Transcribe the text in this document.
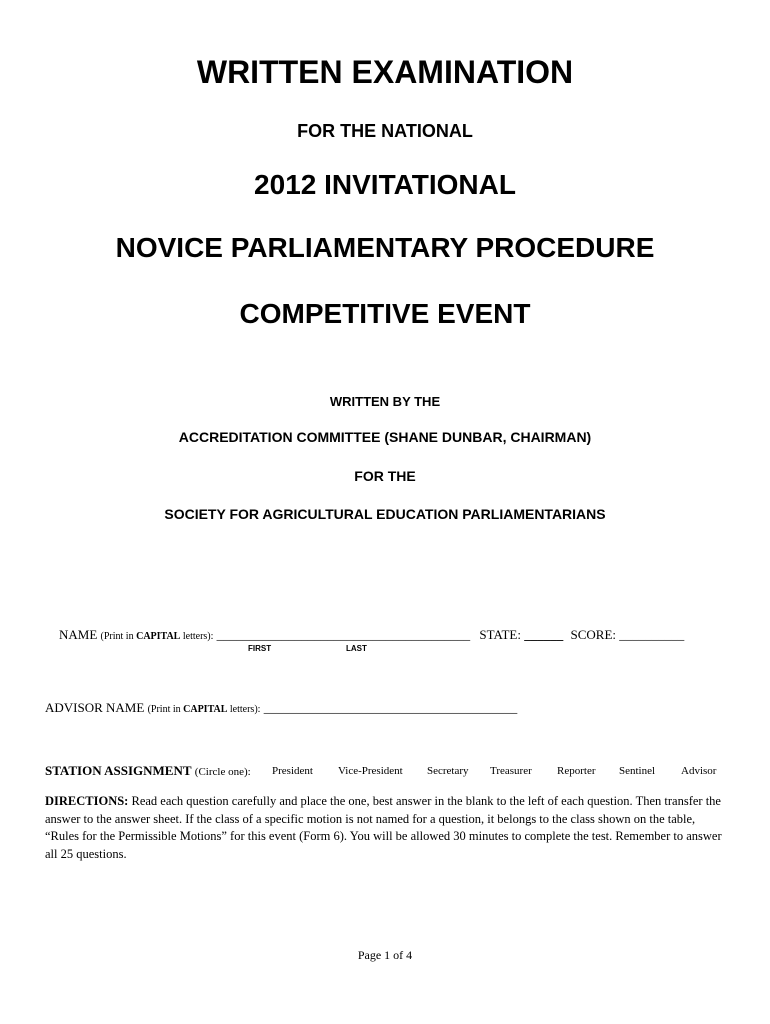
WRITTEN EXAMINATION
FOR THE NATIONAL
2012 INVITATIONAL
NOVICE PARLIAMENTARY PROCEDURE
COMPETITIVE EVENT
WRITTEN BY THE
ACCREDITATION COMMITTEE (SHANE DUNBAR, CHAIRMAN)
FOR THE
SOCIETY FOR AGRICULTURAL EDUCATION PARLIAMENTARIANS
NAME (Print in CAPITAL letters): _______________________________________ STATE: ______ SCORE: __________
FIRST	LAST
ADVISOR NAME (Print in CAPITAL letters): _______________________________________
STATION ASSIGNMENT (Circle one): President Vice-President Secretary Treasurer Reporter Sentinel Advisor
DIRECTIONS: Read each question carefully and place the one, best answer in the blank to the left of each question. Then transfer the answer to the answer sheet. If the class of a specific motion is not named for a question, it belongs to the class shown on the table, “Rules for the Permissible Motions” for this event (Form 6). You will be allowed 30 minutes to complete the test. Remember to answer all 25 questions.
Page 1 of 4
